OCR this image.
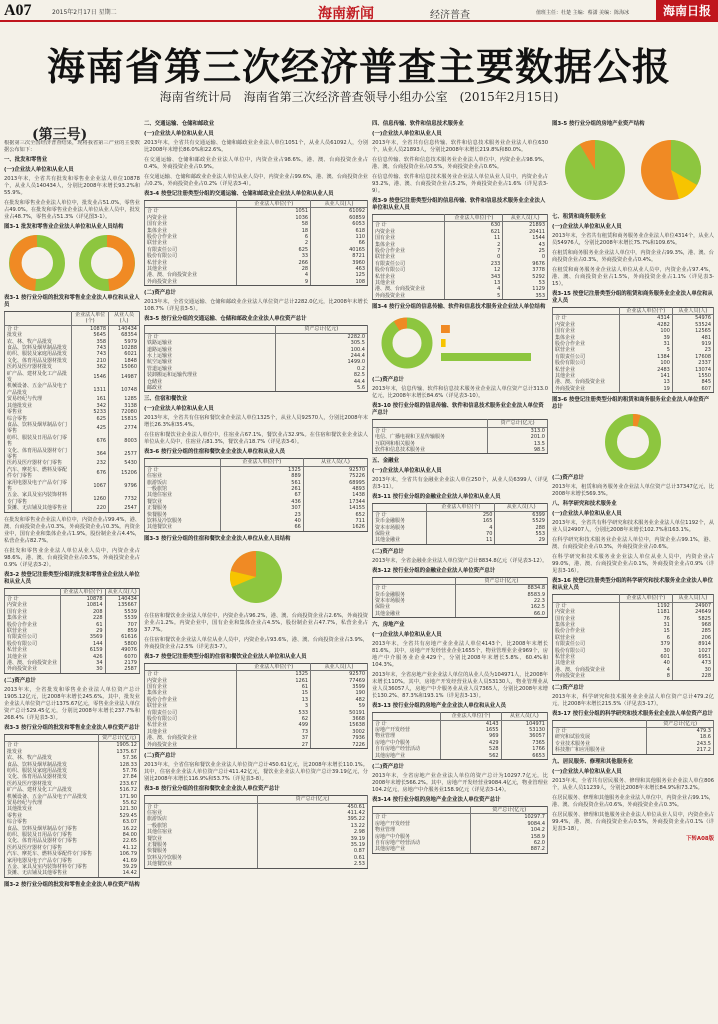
A07	2015年2月17日 星期二	海南新闻	经济普查	值班主任：杜楚 主编：蔡潇 美编：陈海冰	海南日报
海南省第三次经济普查主要数据公报
海南省统计局　海南省第三次经济普查领导小组办公室　(2015年2月15日)
(第三号)

根据第三次全国经济普查结果，现将我省第三产业的主要数据公布如下：

一、批发和零售业

(一)企业法人单位和从业人员

2013年末，全省共有批发和零售业企业法人单位10878个，从业人员140434人，分别比2008年末增长93.2%和55.9%。

在批发和零售业企业法人单位中，批发业占51.0%，零售业占49.0%。在批发和零售业企业法人单位从业人员中，批发业占48.7%，零售业占51.3%（详见图3-1）。

图3-1 批发和零售业企业法人单位和从业人员结构

表3-1 按行业分组的批发和零售业企业法人单位和从业人员

	企业法人单位(个)	从业人员(人)
合 计	10878	140434
批发业	5645	68354
农、林、牧产品批发	358	5979
食品、饮料及烟草制品批发	743	10288
纺织、服装及家庭用品批发	743	6021
文化、体育用品及器材批发	210	1848
医药及医疗器材批发	362	15060
矿产品、建材及化工产品批发	1546	14987
机械设备、五金产品及电子产品批发	1311	10748
贸易经纪与代理	161	1285
其他批发业	342	3138
零售业	5233	72080
综合零售	625	15815
食品、饮料及烟草制品专门零售	425	2774
纺织、服装及日用品专门零售	676	8003
文化、体育用品及器材专门零售	364	2577
医药及医疗器材专门零售	232	5430
汽车、摩托车、燃料及零配件专门零售	676	15206
家用电器及电子产品专门零售	1067	9796
五金、家具及室内装饰材料专门零售	1260	7732
货摊、无店铺及其他零售业	220	2547

在批发和零售业企业法人单位中，内资企业占99.4%，港、澳、台商投资企业占0.3%，外商投资企业占0.3%。内资企业中，国有企业和集体企业占1.9%，股份制企业占4.4%，私营企业占82.7%。

在批发和零售业企业法人单位从业人员中，内资企业占98.6%，港、澳、台商投资企业占0.5%，外商投资企业占0.9%（详见表3-2）。

表3-2 按登记注册类型分组的批发和零售业企业法人单位和从业人员

	企业法人单位(个)	从业人员(人)
合 计	10878	140434
内资企业	10814	135667
国有企业	208	5539
集体企业	228	5539
股份合作企业	61	707
联营企业	29	859
有限责任公司	3569	61616
股份有限公司	144	5800
私营企业	6159	49076
其他企业	426	6070
港、澳、台商投资企业	34	2179
外商投资企业	30	2587

(二)资产总计

2013年末，全省批发和零售业企业法人单位资产总计1905.12亿元，比2008年末增长245.6%。其中，批发业企业法人单位资产总计1375.67亿元，零售业企业法人单位资产总计529.45亿元，分别比2008年末增长237.7%和268.4%（详见表3-3）。

表3-3 按行业分组的批发和零售业企业法人单位资产总计

	资产总计(亿元)
合 计	1905.12
批发业	1375.67
农、林、牧产品批发	57.36
食品、饮料及烟草制品批发	128.33
纺织、服装及家庭用品批发	57.76
文化、体育用品及器材批发	27.84
医药及医疗器材批发	233.67
矿产品、建材及化工产品批发	516.72
机械设备、五金产品及电子产品批发	171.90
贸易经纪与代理	55.62
其他批发业	121.30
零售业	529.45
综合零售	63.07
食品、饮料及烟草制品专门零售	16.22
纺织、服装及日用品专门零售	84.00
文化、体育用品及器材专门零售	22.65
医药及医疗器材专门零售	41.12
汽车、摩托车、燃料及零配件专门零售	106.79
家用电器及电子产品专门零售	41.69
五金、家具及室内装饰材料专门零售	39.29
货摊、无店铺及其他零售业	14.42

图3-2 按行业分组的批发和零售业企业法人单位资产结构

二、交通运输、仓储和邮政业

(一)企业法人单位和从业人员

2013年末，全省共有交通运输、仓储和邮政业企业法人单位1051个，从业人员61092人，分别比2008年末增长86.0%和22.6%。

在交通运输、仓储和邮政业企业法人单位中，内资企业占98.6%，港、澳、台商投资企业占0.4%，外商投资企业占0.9%。

在交通运输、仓储和邮政业企业法人单位从业人员中，内资企业占99.6%，港、澳、台商投资企业占0.2%，外商投资企业占0.2%（详见表3-4）。

表3-4 按登记注册类型分组的交通运输、仓储和邮政业企业法人单位和从业人员

	企业法人单位(个)	从业人员(人)
合 计	1051	61092
内资企业	1036	60859
国有企业	58	6053
集体企业	18	618
股份合作企业	6	110
联营企业	2	66
有限责任公司	625	40165
股份有限公司	33	8721
私营企业	266	3960
其他企业	28	463
港、澳、台商投资企业	4	125
外商投资企业	9	108

(二)资产总计

2013年末，全省交通运输、仓储和邮政业企业法人单位资产总计2282.0亿元，比2008年末增长108.7%（详见表3-5）。

表3-5 按行业分组的交通运输、仓储和邮政业企业法人单位资产总计

	资产总计(亿元)
合 计	2282.0
铁路运输业	305.5
道路运输业	100.4
水上运输业	244.4
航空运输业	1499.0
管道运输业	0.2
装卸搬运和运输代理业	82.5
仓储业	44.4
邮政业	5.6

三、住宿和餐饮业

(一)企业法人单位和从业人员

2013年末，全省共有住宿和餐饮业企业法人单位1325个，从业人员92570人，分别比2008年末增长26.3%和35.4%。

在住宿和餐饮业企业法人单位中，住宿业占67.1%，餐饮业占32.9%。在住宿和餐饮业企业法人单位从业人员中，住宿业占81.3%，餐饮业占18.7%（详见表3-6）。

表3-6 按行业分组的住宿和餐饮业企业法人单位和从业人员

	企业法人单位(个)	从业人员(人)
合 计	1325	92570
住宿业	889	75226
旅游饭店	561	68995
一般旅馆	261	4893
其他住宿业	67	1438
餐饮业	436	17344
正餐服务	307	14155
快餐服务	23	652
饮料及冷饮服务	40	711
其他餐饮业	66	1626

图3-3 按行业分组的住宿和餐饮业企业法人单位从业人员结构

在住宿和餐饮业企业法人单位中，内资企业占96.2%，港、澳、台商投资企业占2.6%，外商投资企业占1.2%。内资企业中，国有企业和集体企业占4.5%，股份制企业占47.7%，私营企业占37.7%。

在住宿和餐饮业企业法人单位从业人员中，内资企业占93.6%，港、澳、台商投资企业占3.9%，外商投资企业占2.5%（详见表3-7）。

表3-7 按登记注册类型分组的住宿和餐饮业企业法人单位和从业人员

	企业法人单位(个)	从业人员(人)
合 计	1325	92570
内资企业	1261	77469
国有企业	61	3599
集体企业	15	190
股份合作企业	13	482
联营企业	3	59
有限责任公司	533	50191
股份有限公司	62	3668
私营企业	499	15638
其他企业	73	3002
港、澳、台商投资企业	37	7936
外商投资企业	27	7226

(二)资产总计

2013年末，全省住宿和餐饮业企业法人单位资产总计450.61亿元，比2008年末增长110.1%。其中，住宿业企业法人单位资产总计411.42亿元，餐饮业企业法人单位资产总计39.19亿元，分别比2008年末增长116.9%和53.7%（详见表3-8）。

表3-8 按行业分组的住宿和餐饮业企业法人单位资产总计

	资产总计(亿元)
合 计	450.61
住宿业	411.42
旅游饭店	395.22
一般旅馆	13.22
其他住宿业	2.98
餐饮业	39.19
正餐服务	35.19
快餐服务	0.87
饮料及冷饮服务	0.61
其他餐饮业	2.53

四、信息传输、软件和信息技术服务业

(一)企业法人单位和从业人员

2013年末，全省共有信息传输、软件和信息技术服务业企业法人单位630个，从业人员21893人，分别比2008年末增长219.8%和80.0%。

在信息传输、软件和信息技术服务业企业法人单位中，内资企业占98.9%，港、澳、台商投资企业占0.5%，外商投资企业占0.6%。

在信息传输、软件和信息技术服务业企业法人单位从业人员中，内资企业占93.2%，港、澳、台商投资企业占5.2%，外商投资企业占1.6%（详见表3-9）。

表3-9 按登记注册类型分组的信息传输、软件和信息技术服务业企业法人单位和从业人员

	企业法人单位(个)	从业人员(人)
合 计	630	21893
内资企业	621	20411
国有企业	11	1544
集体企业	2	43
股份合作企业	7	25
联营企业	0	0
有限责任公司	233	9676
股份有限公司	12	3778
私营企业	343	5292
其他企业	13	53
港、澳、台商投资企业	4	1129
外商投资企业	5	353

图3-4 按行业分组的信息传输、软件和信息技术服务业企业法人单位结构

(二)资产总计

2013年末，信息传输、软件和信息技术服务业企业法人单位资产总计313.0亿元，比2008年末增长84.6%（详见表3-10）。

表3-10 按行业分组的信息传输、软件和信息技术服务业企业法人单位资产总计

	资产总计(亿元)
合 计	313.0
电信、广播电视和卫星传输服务	201.0
互联网和相关服务	13.5
软件和信息技术服务业	98.5

五、金融业

(一)企业法人单位和从业人员

2013年末，全省共有金融业企业法人单位250个，从业人员6399人（详见表3-11）。

表3-11 按行业分组的金融业企业法人单位和从业人员

	企业法人单位(个)	从业人员(人)
合 计	250	6399
货币金融服务	165	5529
资本市场服务	4	288
保险业	70	553
其他金融业	11	29

(二)资产总计

2013年末，全省金融业企业法人单位资产总计8834.8亿元（详见表3-12）。

表3-12 按行业分组的金融业企业法人单位资产总计

	资产总计(亿元)
合 计	8834.8
货币金融服务	8583.9
资本市场服务	22.3
保险业	162.5
其他金融业	66.0

六、房地产业

(一)企业法人单位和从业人员

2013年末，全省共有房地产业企业法人单位4143个，比2008年末增长81.6%。其中，房地产开发经营业企业1655个，物业管理业企业969个，房地产中介服务业企业429个，分别比2008年末增长5.8%、60.4%和104.3%。

2013年末，全省房地产业企业法人单位的从业人员为104971人，比2008年末增长110%。其中，房地产开发经营业从业人员53130人，物业管理业从业人员36057人，房地产中介服务业从业人员7365人，分别比2008年末增长130.2%、87.3%和193.1%（详见表3-13）。

表3-13 按行业分组的房地产业企业法人单位和从业人员

	企业法人单位(个)	从业人员(人)
合 计	4143	104971
房地产开发经营	1655	53130
物业管理	969	36057
房地产中介服务	429	7365
自有房地产经营活动	528	1766
其他房地产业	562	6653

(二)资产总计

2013年末，全省房地产业企业法人单位的资产总计为10297.7亿元，比2008年末增长566.2%。其中，房地产开发经营业9084.4亿元，物业管理业104.2亿元，房地产中介服务业158.9亿元（详见表3-14）。

表3-14 按行业分组的房地产业企业法人单位资产总计

	资产总计(亿元)
合 计	10297.7
房地产开发经营	9084.4
物业管理	104.2
房地产中介服务	158.9
自有房地产经营活动	62.0
其他房地产业	887.2

图3-5 按行业分组的房地产业资产结构

七、租赁和商务服务业

(一)企业法人单位和从业人员

2013年末，全省共有租赁和商务服务业企业法人单位4314个，从业人员54976人，分别比2008年末增长75.7%和109.6%。

在租赁和商务服务业企业法人单位中，内资企业占99.3%，港、澳、台商投资企业占0.3%，外商投资企业占0.4%。

在租赁和商务服务业企业法人单位从业人员中，内资企业占97.4%，港、澳、台商投资企业占1.5%，外商投资企业占1.1%（详见表3-15）。

表3-15 按登记注册类型分组的租赁和商务服务业企业法人单位和从业人员

	企业法人单位(个)	从业人员(人)
合 计	4314	54976
内资企业	4282	53524
国有企业	100	12565
集体企业	39	481
股份合作企业	31	919
联营企业	5	23
有限责任公司	1384	17608
股份有限公司	100	2337
私营企业	2483	13074
其他企业	141	1550
港、澳、台商投资企业	13	845
外商投资企业	19	607

图3-6 按登记注册类型分组的租赁和商务服务业企业法人单位资产总计

(二)资产总计

2013年末，租赁和商务服务业企业法人单位资产总计37347亿元，比2008年末增长569.3%。

八、科学研究和技术服务业

(一)企业法人单位和从业人员

2013年末，全省共有科学研究和技术服务业企业法人单位1192个，从业人员24907人，分别比2008年末增长102.7%和163.1%。

在科学研究和技术服务业企业法人单位中，内资企业占99.1%，港、澳、台商投资企业占0.3%，外商投资企业占0.6%。

在科学研究和技术服务业企业法人单位从业人员中，内资企业占99.0%，港、澳、台商投资企业占0.1%，外商投资企业占0.9%（详见表3-16）。

表3-16 按登记注册类型分组的科学研究和技术服务业企业法人单位和从业人员

	企业法人单位(个)	从业人员(人)
合 计	1192	24907
内资企业	1181	24649
国有企业	76	5825
集体企业	31	968
股份合作企业	15	285
联营企业	6	206
有限责任公司	379	8914
股份有限公司	30	1027
私营企业	601	6951
其他企业	40	473
港、澳、台商投资企业	4	30
外商投资企业	8	228

(二)资产总计

2013年末，科学研究和技术服务业企业法人单位资产总计479.2亿元，比2008年末增长215.5%（详见表3-17）。

表3-17 按行业分组的科学研究和技术服务业企业法人单位资产总计

	资产总计(亿元)
合 计	479.3
研究和试验发展	18.6
专业技术服务业	243.5
科技推广和应用服务业	217.2

九、居民服务、修理和其他服务业

(一)企业法人单位和从业人员

2013年末，全省共有居民服务、修理和其他服务业企业法人单位806个，从业人员11239人，分别比2008年末增长84.9%和73.2%。

在居民服务、修理和其他服务业企业法人单位中，内资企业占99.1%，港、澳、台商投资企业占0.6%，外商投资企业占0.3%。

在居民服务、修理和其他服务业企业法人单位从业人员中，内资企业占99.4%，港、澳、台商投资企业占0.5%，外商投资企业占0.1%（详见表3-18）。

下转A08版
